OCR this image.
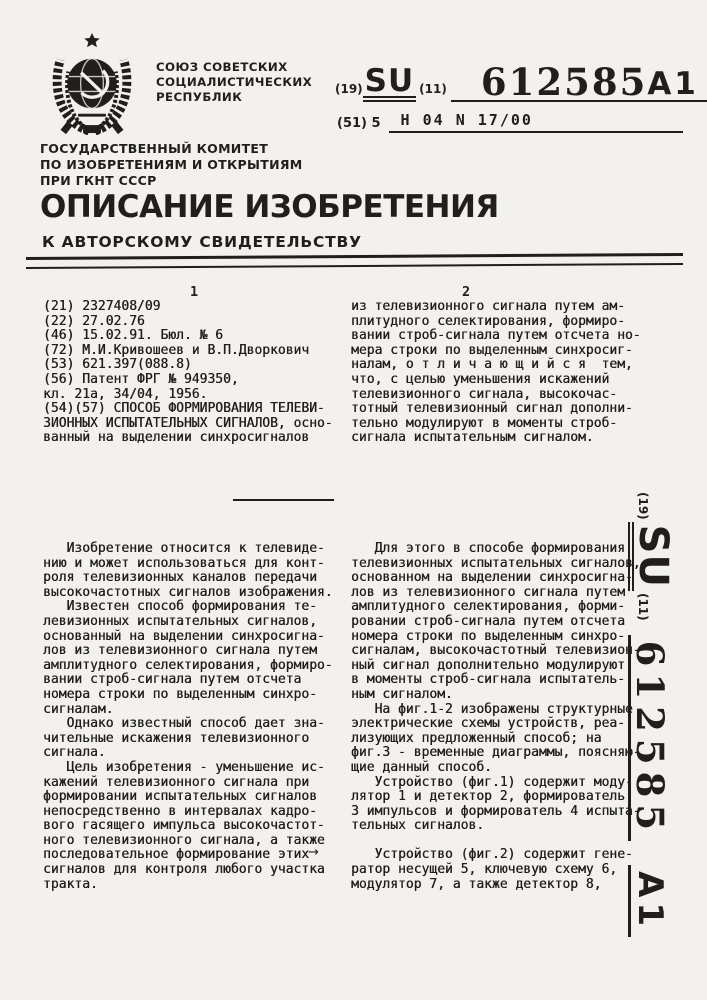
СОЮЗ СОВЕТСКИХ
СОЦИАЛИСТИЧЕСКИХ
РЕСПУБЛИК
(19) SU (11) 612585 A1
(51) 5	H 04 N 17/00
ГОСУДАРСТВЕННЫЙ КОМИТЕТ
ПО ИЗОБРЕТЕНИЯМ И ОТКРЫТИЯМ
ПРИ ГКНТ СССР
ОПИСАНИЕ ИЗОБРЕТЕНИЯ
К АВТОРСКОМУ СВИДЕТЕЛЬСТВУ
1	2
(21) 2327408/09
(22) 27.02.76
(46) 15.02.91. Бюл. № 6
(72) М.И.Кривошеев и В.П.Дворкович
(53) 621.397(088.8)
(56) Патент ФРГ № 949350,
кл. 21а, 34/04, 1956.
(54)(57) СПОСОБ ФОРМИРОВАНИЯ ТЕЛЕВИ-
ЗИОННЫХ ИСПЫТАТЕЛЬНЫХ СИГНАЛОВ, осно-
ванный на выделении синхросигналов
из телевизионного сигнала путем ам-
плитудного селектирования, формиро-
вании строб-сигнала путем отсчета но-
мера строки по выделенным синхросиг-
налам, о т л и ч а ю щ и й с я  тем,
что, с целью уменьшения искажений
телевизионного сигнала, высокочас-
тотный телевизионный сигнал дополни-
тельно модулируют в моменты строб-
сигнала испытательным сигналом.
Изобретение относится к телевиде-
нию и может использоваться для конт-
роля телевизионных каналов передачи
высокочастотных сигналов изображения.
Известен способ формирования те-
левизионных испытательных сигналов,
основанный на выделении синхросигна-
лов из телевизионного сигнала путем
амплитудного селектирования, формиро-
вании строб-сигнала путем отсчета
номера строки по выделенным синхро-
сигналам.
Однако известный способ дает зна-
чительные искажения телевизионного
сигнала.
Цель изобретения - уменьшение ис-
кажений телевизионного сигнала при
формировании испытательных сигналов
непосредственно в интервалах кадро-
вого гасящего импульса высокочастот-
ного телевизионного сигнала, а также
последовательное формирование этих
сигналов для контроля любого участка
тракта.
Для этого в способе формирования
телевизионных испытательных сигналов,
основанном на выделении синхросигна-
лов из телевизионного сигнала путем
амплитудного селектирования, форми-
ровании строб-сигнала путем отсчета
номера строки по выделенным синхро-
сигналам, высокочастотный телевизион-
ный сигнал дополнительно модулируют
в моменты строб-сигнала испытатель-
ным сигналом.
На фиг.1-2 изображены структурные
электрические схемы устройств, реа-
лизующих предложенный способ; на
фиг.3 - временные диаграммы, поясняю-
щие данный способ.
Устройство (фиг.1) содержит моду-
лятор 1 и детектор 2, формирователь
3 импульсов и формирователь 4 испыта-
тельных сигналов.

Устройство (фиг.2) содержит гене-
ратор несущей 5, ключевую схему 6,
модулятор 7, а также детектор 8,
→
(19)
SU
(11)
612585
A1
